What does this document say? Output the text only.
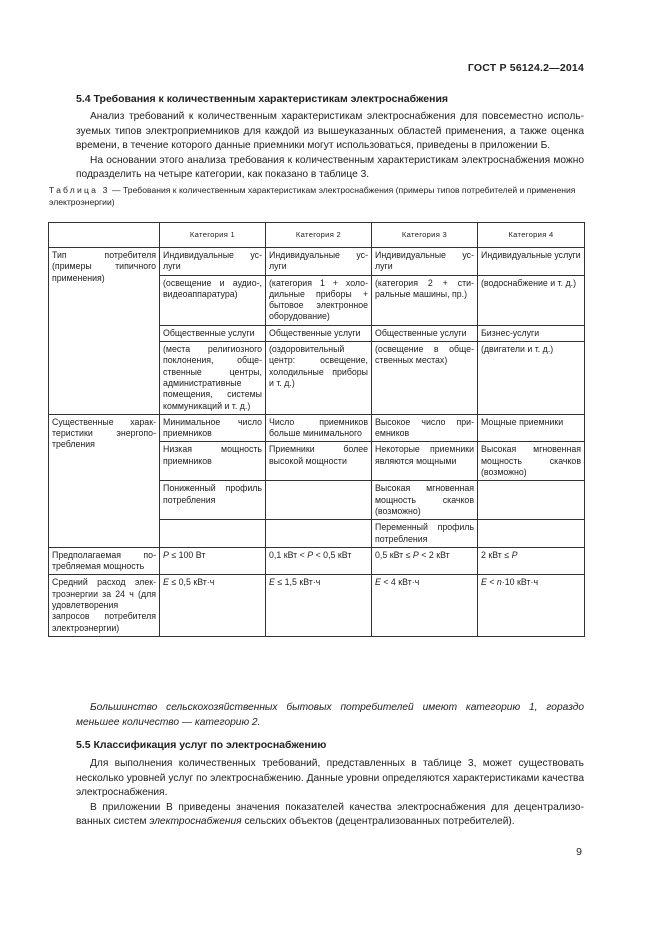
ГОСТ Р 56124.2—2014
5.4 Требования к количественным характеристикам электроснабжения

Анализ требований к количественным характеристикам электроснабжения для повсеместно используемых типов электроприемников для каждой из вышеуказанных областей применения, а также оценка времени, в течение которого данные приемники могут использоваться, приведены в приложении Б.

На основании этого анализа требования к количественным характеристикам электроснабжения можно подразделить на четыре категории, как показано в таблице 3.

Таблица 3 — Требования к количественным характеристикам электроснабжения (примеры типов потребителей и применения электроэнергии)
	Категория 1	Категория 2	Категория 3	Категория 4
Тип потребителя (примеры типичного применения)	Индивидуальные услуги	Индивидуальные услуги	Индивидуальные услуги	Индивидуальные услуги
	(освещение и аудио-, видеоаппаратура)	(категория 1 + холодильные приборы + бытовое электронное оборудование)	(категория 2 + стиральные машины, пр.)	(водоснабжение и т. д.)
	Общественные услуги	Общественные услуги	Общественные услуги	Бизнес-услуги
	(места религиозного поклонения, общественные центры, административные помещения, системы коммуникаций и т. д.)	(оздоровительный центр: освещение, холодильные приборы и т. д.)	(освещение в общественных местах)	(двигатели и т. д.)
Существенные характеристики энергопотребления	Минимальное число приемников	Число приемников больше минимального	Высокое число приемников	Мощные приемники
	Низкая мощность приемников	Приемники более высокой мощности	Некоторые приемники являются мощными	Высокая мгновенная мощность скачков (возможно)
	Пониженный профиль потребления		Высокая мгновенная мощность скачков (возможно)	
			Переменный профиль потребления	
Предполагаемая потребляемая мощность	P ≤ 100 Вт	0,1 кВт < P < 0,5 кВт	0,5 кВт ≤ P < 2 кВт	2 кВт ≤ P
Средний расход электроэнергии за 24 ч (для удовлетворения запросов потребителя электроэнергии)	E ≤ 0,5 кВт·ч	E ≤ 1,5 кВт·ч	E < 4 кВт·ч	E < n·10 кВт·ч
Большинство сельскохозяйственных бытовых потребителей имеют категорию 1, гораздо меньшее количество — категорию 2.
5.5 Классификация услуг по электроснабжению

Для выполнения количественных требований, представленных в таблице 3, может существовать несколько уровней услуг по электроснабжению. Данные уровни определяются характеристиками качества электроснабжения.

В приложении В приведены значения показателей качества электроснабжения для децентрализованных систем электроснабжения сельских объектов (децентрализованных потребителей).

9
